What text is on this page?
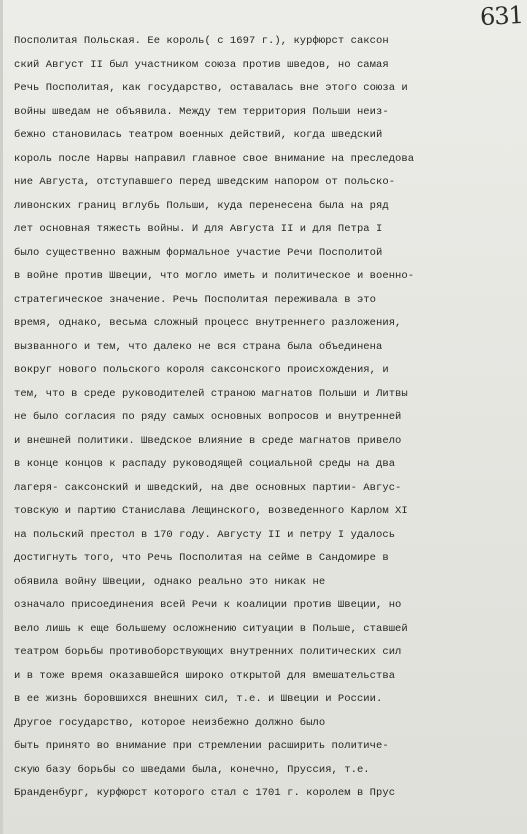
631
Посполитая Польская. Ее король( с 1697 г.), курфюрст саксон
ский Август II был участником союза против шведов, но самая
Речь Посполитая, как государство, оставалась вне этого союза и
войны шведам не объявила. Между тем территория Польши неиз-
бежно становилась театром военных действий, когда шведский
король после Нарвы направил главное свое внимание на преследова
ние Августа, отступавшего перед шведским напором от польско-
ливонских границ вглубь Польши, куда перенесена была на ряд
лет основная тяжесть войны. И для Августа II и для Петра I
было существенно важным формальное участие Речи Посполитой
в войне против Швеции, что могло иметь и политическое и военно-
стратегическое значение. Речь Посполитая переживала в это
время, однако, весьма сложный процесс внутреннего разложения,
вызванного и тем, что далеко не вся страна была объединена
вокруг нового польского короля саксонского происхождения, и
тем, что в среде руководителей страною магнатов Польши и Литвы
не было согласия по ряду самых основных вопросов и внутренней
и внешней политики. Шведское влияние в среде магнатов привело
в конце концов к распаду руководящей социальной среды на два
лагеря- саксонский и шведский, на две основных партии- Авгус-
товскую и партию Станислава Лещинского, возведенного Карлом XI
на польский престол в 170 году. Августу II и петру I удалось
достигнуть того, что Речь Посполитая на сейме в Сандомире в
обявила войну Швеции, однако реально это никак не
означало присоединения всей Речи к коалиции против Швеции, но
вело лишь к еще большему осложнению ситуации в Польше, ставшей
театром борьбы противоборствующих внутренних политических сил
и в тоже время оказавшейся широко открытой для вмешательства
в ее жизнь боровшихся внешних сил, т.е. и Швеции и России.
Другое государство, которое неизбежно должно было
быть принято во внимание при стремлении расширить политиче-
скую базу борьбы со шведами была, конечно, Пруссия, т.е.
Бранденбург, курфюрст которого стал с 1701 г. королем в Прус
